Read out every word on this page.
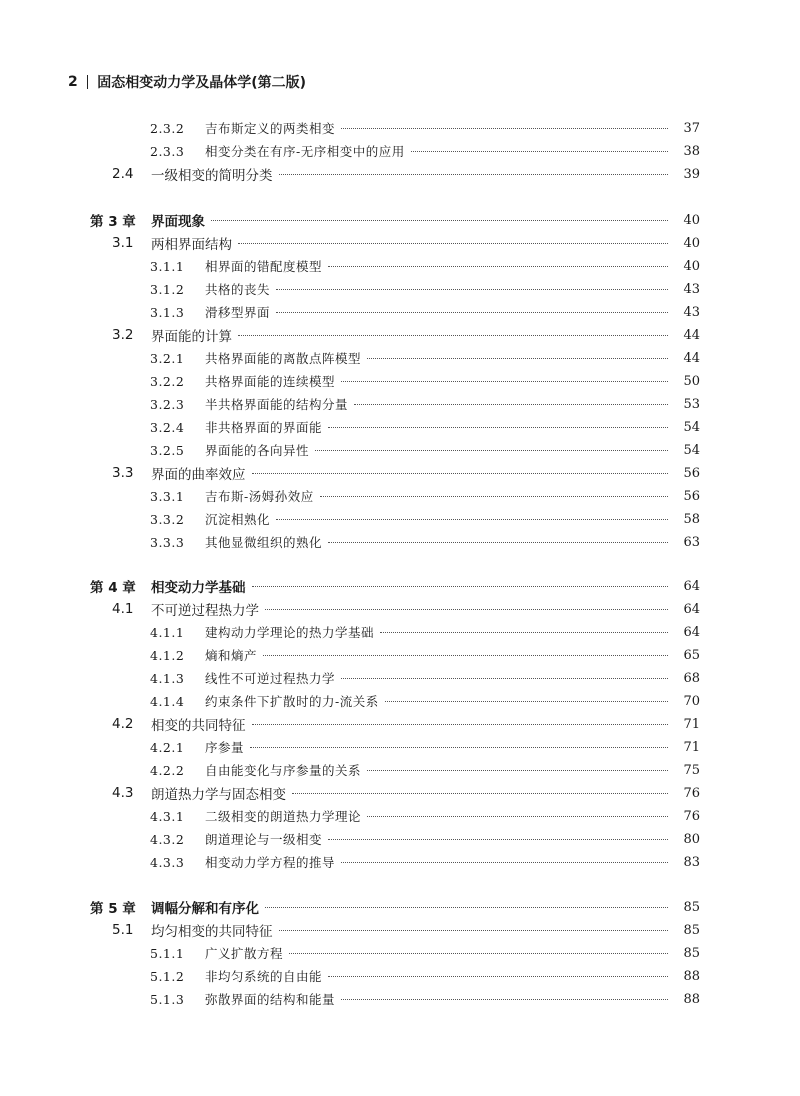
2 固态相变动力学及晶体学(第二版)
2.3.2 吉布斯定义的两类相变	37
2.3.3 相变分类在有序-无序相变中的应用	38
2.4 一级相变的简明分类	39
第 3 章 界面现象	40
3.1 两相界面结构	40
3.1.1 相界面的错配度模型	40
3.1.2 共格的丧失	43
3.1.3 滑移型界面	43
3.2 界面能的计算	44
3.2.1 共格界面能的离散点阵模型	44
3.2.2 共格界面能的连续模型	50
3.2.3 半共格界面能的结构分量	53
3.2.4 非共格界面的界面能	54
3.2.5 界面能的各向异性	54
3.3 界面的曲率效应	56
3.3.1 吉布斯-汤姆孙效应	56
3.3.2 沉淀相熟化	58
3.3.3 其他显微组织的熟化	63
第 4 章 相变动力学基础	64
4.1 不可逆过程热力学	64
4.1.1 建构动力学理论的热力学基础	64
4.1.2 熵和熵产	65
4.1.3 线性不可逆过程热力学	68
4.1.4 约束条件下扩散时的力-流关系	70
4.2 相变的共同特征	71
4.2.1 序参量	71
4.2.2 自由能变化与序参量的关系	75
4.3 朗道热力学与固态相变	76
4.3.1 二级相变的朗道热力学理论	76
4.3.2 朗道理论与一级相变	80
4.3.3 相变动力学方程的推导	83
第 5 章 调幅分解和有序化	85
5.1 均匀相变的共同特征	85
5.1.1 广义扩散方程	85
5.1.2 非均匀系统的自由能	88
5.1.3 弥散界面的结构和能量	88
